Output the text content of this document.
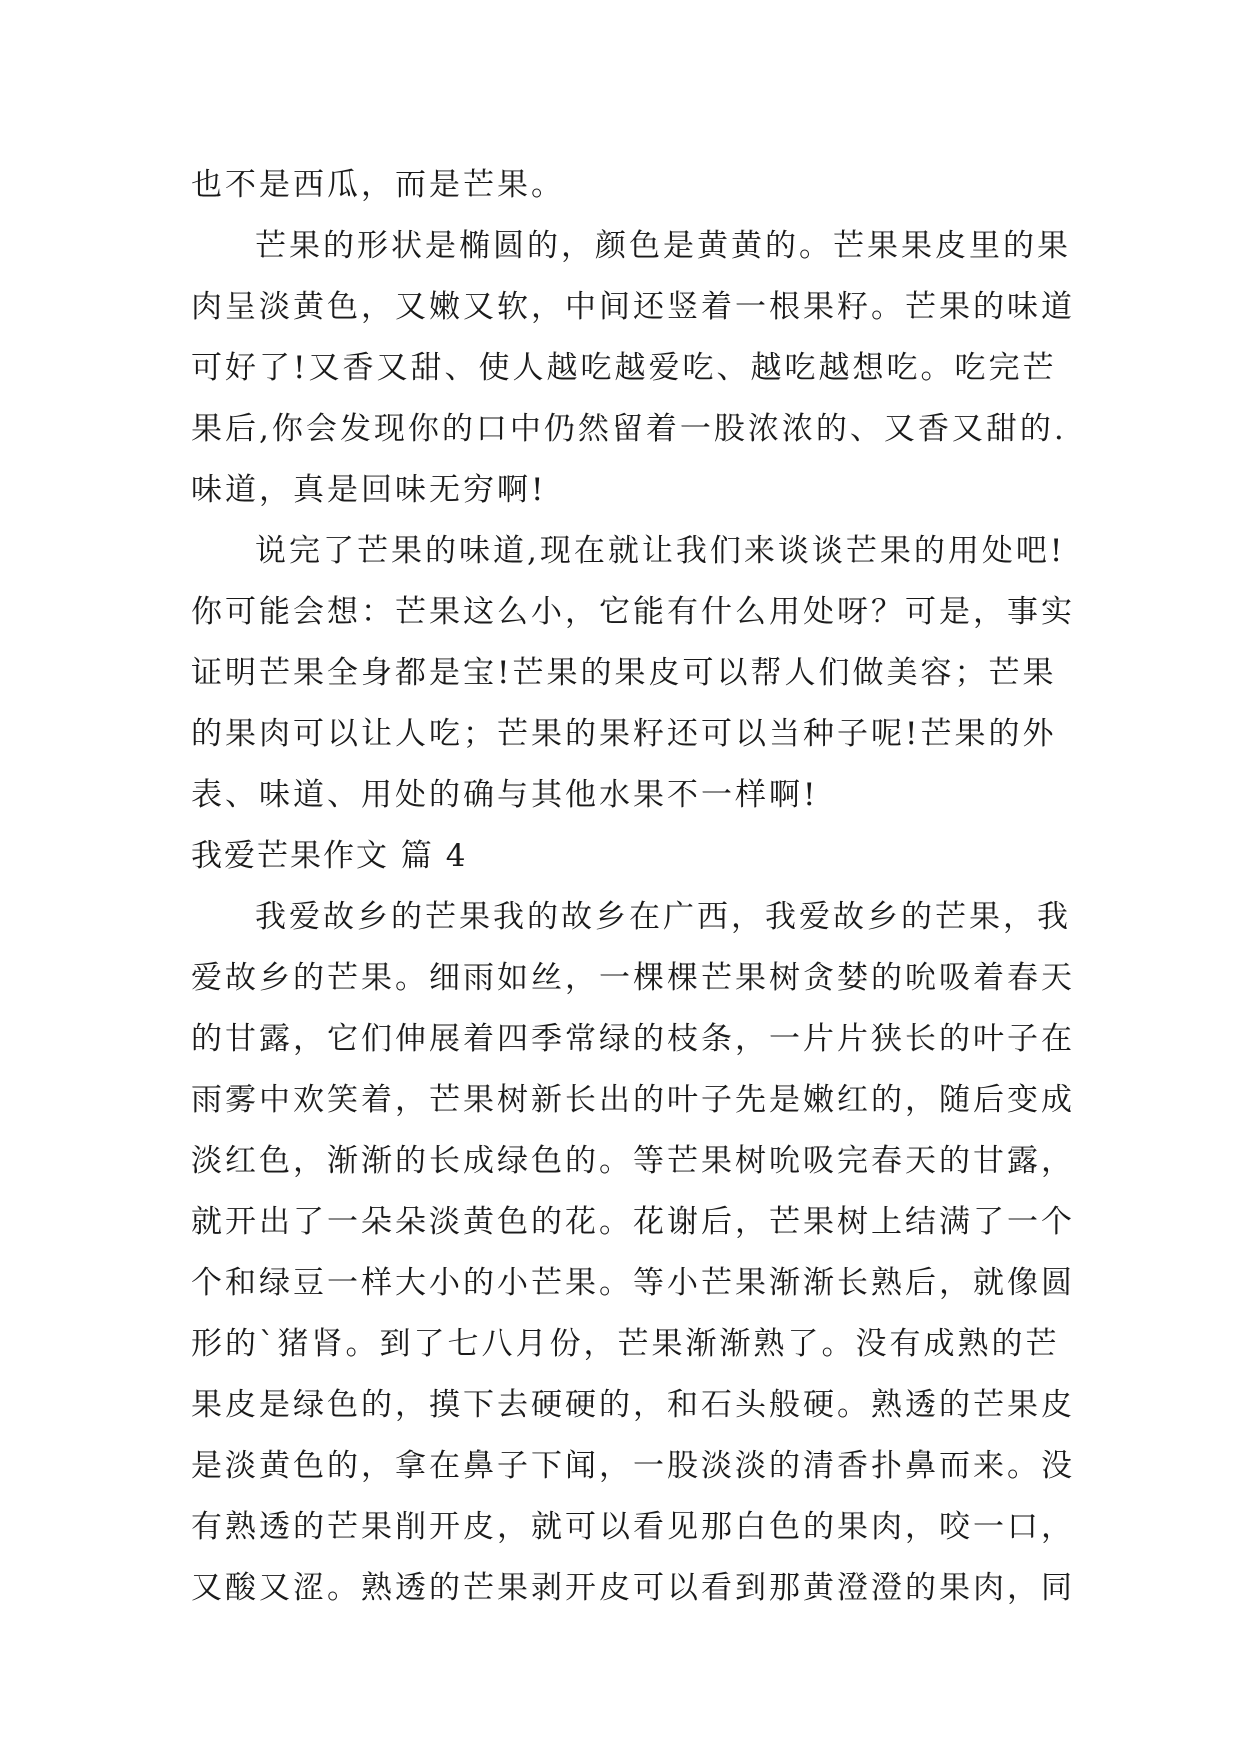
也不是西瓜，而是芒果。
芒果的形状是椭圆的，颜色是黄黄的。芒果果皮里的果
肉呈淡黄色，又嫩又软，中间还竖着一根果籽。芒果的味道
可好了!又香又甜、使人越吃越爱吃、越吃越想吃。吃完芒
果后,你会发现你的口中仍然留着一股浓浓的、又香又甜的.
味道，真是回味无穷啊!
说完了芒果的味道,现在就让我们来谈谈芒果的用处吧!
你可能会想：芒果这么小，它能有什么用处呀？可是，事实
证明芒果全身都是宝!芒果的果皮可以帮人们做美容；芒果
的果肉可以让人吃；芒果的果籽还可以当种子呢!芒果的外
表、味道、用处的确与其他水果不一样啊!
我爱芒果作文 篇 4
我爱故乡的芒果我的故乡在广西，我爱故乡的芒果，我
爱故乡的芒果。细雨如丝，一棵棵芒果树贪婪的吮吸着春天
的甘露，它们伸展着四季常绿的枝条，一片片狭长的叶子在
雨雾中欢笑着，芒果树新长出的叶子先是嫩红的，随后变成
淡红色，渐渐的长成绿色的。等芒果树吮吸完春天的甘露，
就开出了一朵朵淡黄色的花。花谢后，芒果树上结满了一个
个和绿豆一样大小的小芒果。等小芒果渐渐长熟后，就像圆
形的`猪肾。到了七八月份，芒果渐渐熟了。没有成熟的芒
果皮是绿色的，摸下去硬硬的，和石头般硬。熟透的芒果皮
是淡黄色的，拿在鼻子下闻，一股淡淡的清香扑鼻而来。没
有熟透的芒果削开皮，就可以看见那白色的果肉，咬一口，
又酸又涩。熟透的芒果剥开皮可以看到那黄澄澄的果肉，同
